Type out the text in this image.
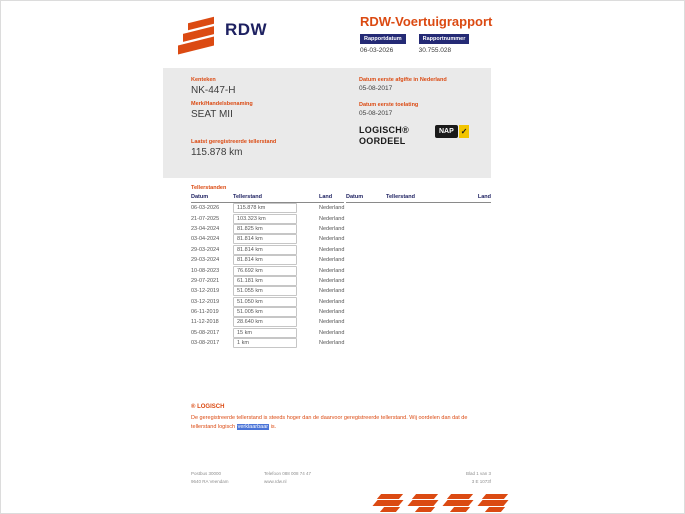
RDW	RDW-Voertuigrapport
Rapportdatum
06-03-2026
Rapportnummer
30.755.028
Kenteken
NK-447-H
Merk/Handelsbenaming
SEAT MII
Laatst geregistreerde tellerstand
115.878 km
Datum eerste afgifte in Nederland
05-08-2017
Datum eerste toelating
05-08-2017
LOGISCH®
OORDEEL
NAP ✓
Tellerstanden
Datum	Tellerstand	Land
06-03-2026	115.878 km	Nederland
21-07-2025	103.323 km	Nederland
23-04-2024	81.825 km	Nederland
03-04-2024	81.814 km	Nederland
29-03-2024	81.814 km	Nederland
29-03-2024	81.814 km	Nederland
10-08-2023	76.692 km	Nederland
29-07-2021	61.181 km	Nederland
03-12-2019	51.055 km	Nederland
03-12-2019	51.050 km	Nederland
06-11-2019	51.005 km	Nederland
11-12-2018	28.640 km	Nederland
05-08-2017	15 km	Nederland
03-08-2017	1 km	Nederland
Datum	Tellerstand	Land
® LOGISCH

De geregistreerde tellerstand is steeds hoger dan de daarvoor geregistreerde tellerstand. Wij oordelen dan dat de
tellerstand logisch verklaarbaar is.

Postbus 30000
9640 RA Veendam
Telefoon 088 008 74 47
www.rdw.nl
Blad 1 van 3
3 E 1073f
